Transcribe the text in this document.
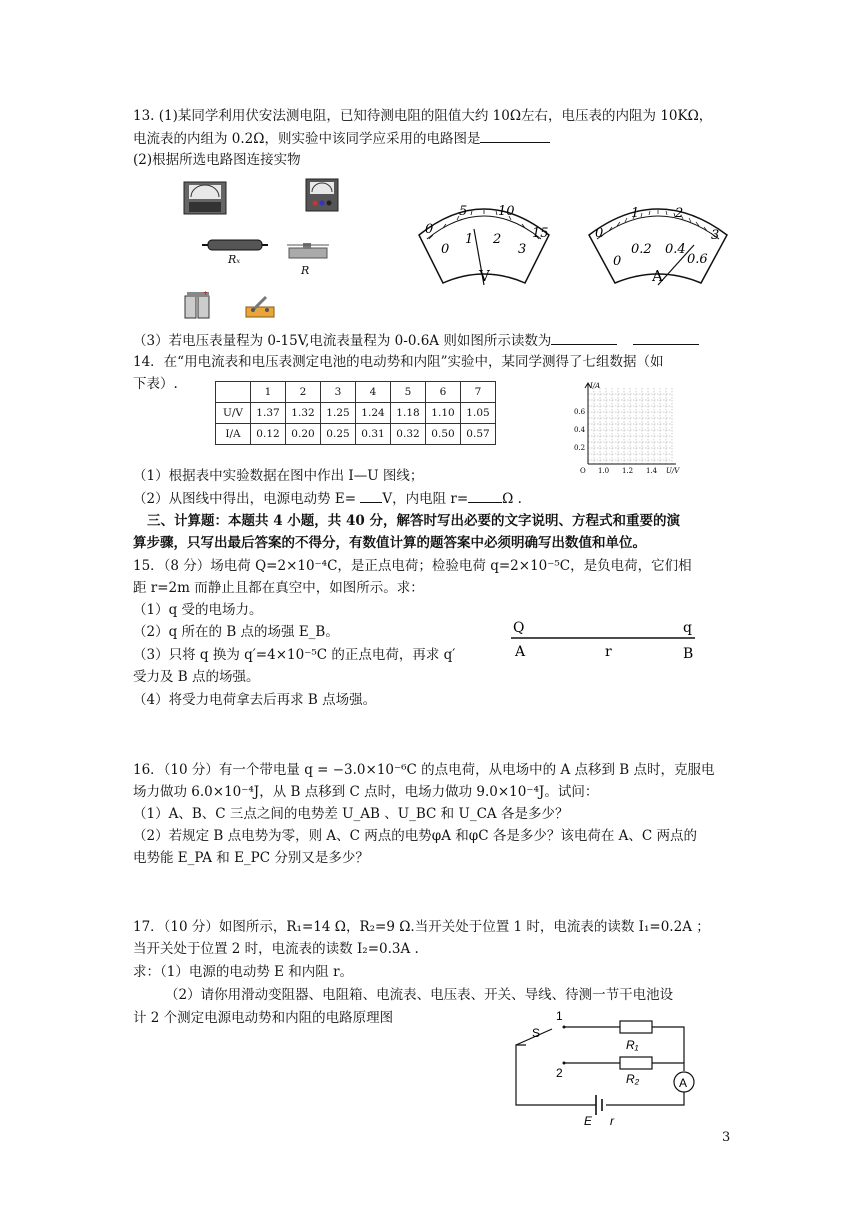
13. (1)某同学利用伏安法测电阻，已知待测电阻的阻值大约 10Ω左右，电压表的内阻为 10KΩ，
电流表的内组为 0.2Ω，则实验中该同学应采用的电路图是
(2)根据所选电路图连接实物
Rₓ
R
+
0
5 10
15
0
1 2
3
V
0
1	2
3
0
0.2 0.4
0.6
A
（3）若电压表量程为 0-15V,电流表量程为 0-0.6A 则如图所示读数为
14．在“用电流表和电压表测定电池的电动势和内阻”实验中，某同学测得了七组数据（如
下表）.
		1	2	3	4	5	6	7
U/V	1.37	1.32	1.25	1.24	1.18	1.10	1.05
I/A	0.12	0.20	0.25	0.31	0.32	0.50	0.57
I/A
0.6
0.4
0.2
O 1.0 1.2 1.4 U/V
（1）根据表中实验数据在图中作出 I—U 图线；
（2）从图线中得出，电源电动势 E= V，内电阻 r=	Ω .
三、计算题：本题共 4 小题，共 40 分，解答时写出必要的文字说明、方程式和重要的演
算步骤，只写出最后答案的不得分，有数值计算的题答案中必须明确写出数值和单位。
15．（8 分）场电荷 Q=2×10⁻⁴C，是正点电荷；检验电荷 q=2×10⁻⁵C，是负电荷，它们相
距 r=2m 而静止且都在真空中，如图所示。求：
（1）q 受的电场力。
（2）q 所在的 B 点的场强 E_B。
（3）只将 q 换为 q′=4×10⁻⁵C 的正点电荷，再求 q′
受力及 B 点的场强。
（4）将受力电荷拿去后再求 B 点场强。
Q	q
A	r	B
16．（10 分）有一个带电量 q = −3.0×10⁻⁶C 的点电荷，从电场中的 A 点移到 B 点时，克服电
场力做功 6.0×10⁻⁴J，从 B 点移到 C 点时，电场力做功 9.0×10⁻⁴J。试问：
（1）A、B、C 三点之间的电势差 U_AB 、U_BC 和 U_CA 各是多少？
（2）若规定 B 点电势为零，则 A、C 两点的电势φA 和φC 各是多少？该电荷在 A、C 两点的
电势能 E_PA 和 E_PC 分别又是多少？
17．（10 分）如图所示，R₁=14 Ω，R₂=9 Ω.当开关处于位置 1 时，电流表的读数 I₁=0.2A ；
当开关处于位置 2 时，电流表的读数 I₂=0.3A .
求：（1）电源的电动势 E 和内阻 r。
（2）请你用滑动变阻器、电阻箱、电流表、电压表、开关、导线、待测一节干电池设
计 2 个测定电源电动势和内阻的电路原理图
A
S
1
2
R₁
R₂
E r
3
